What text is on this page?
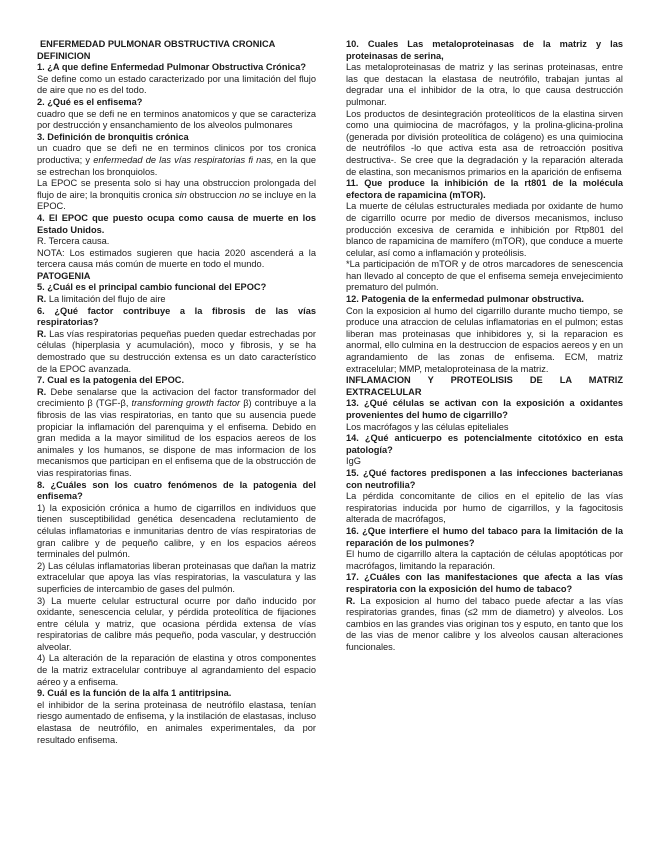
ENFERMEDAD PULMONAR OBSTRUCTIVA CRONICA

DEFINICION

1. ¿A que define Enfermedad Pulmonar Obstructiva Crónica?

Se define como un estado caracterizado por una limitación del flujo de aire que no es del todo.

2. ¿Qué es el enfisema?

cuadro que se defi ne en terminos anatomicos y que se caracteriza por destrucción y ensanchamiento de los alveolos pulmonares

3. Definición de bronquitis crónica

un cuadro que se defi ne en terminos clinicos por tos cronica productiva; y enfermedad de las vías respiratorias fi nas, en la que se estrechan los bronquiolos.

La EPOC se presenta solo si hay una obstruccion prolongada del flujo de aire; la bronquitis cronica sin obstruccion no se incluye en la EPOC.

4. El EPOC que puesto ocupa como causa de muerte en los Estado Unidos.

R. Tercera causa.

NOTA: Los estimados sugieren que hacia 2020 ascenderá a la tercera causa más común de muerte en todo el mundo.

PATOGENIA

5. ¿Cuál es el principal cambio funcional del EPOC?

R. La limitación del flujo de aire

6. ¿Qué factor contribuye a la fibrosis de las vías respiratorias?

R. Las vías respiratorias pequeñas pueden quedar estrechadas por células (hiperplasia y acumulación), moco y fibrosis, y se ha demostrado que su destrucción extensa es un dato característico de la EPOC avanzada.

7. Cual es la patogenia del EPOC.

R. Debe senalarse que la activacion del factor transformador del crecimiento β (TGF-β, transforming growth factor β) contribuye a la fibrosis de las vias respiratorias, en tanto que su ausencia puede propiciar la inflamación del parenquima y el enfisema. Debido en gran medida a la mayor similitud de los espacios aereos de los animales y los humanos, se dispone de mas informacion de los mecanismos que participan en el enfisema que de la obstrucción de vias respiratorias finas.

8. ¿Cuáles son los cuatro fenómenos de la patogenia del enfisema?

1) la exposición crónica a humo de cigarrillos en individuos que tienen susceptibilidad genética desencadena reclutamiento de células inflamatorias e inmunitarias dentro de vías respiratorias de gran calibre y de pequeño calibre, y en los espacios aéreos terminales del pulmón.

2) Las células inflamatorias liberan proteinasas que dañan la matriz extracelular que apoya las vías respiratorias, la vasculatura y las superficies de intercambio de gases del pulmón.

3) La muerte celular estructural ocurre por daño inducido por oxidante, senescencia celular, y pérdida proteolítica de fijaciones entre célula y matriz, que ocasiona pérdida extensa de vías respiratorias de calibre más pequeño, poda vascular, y destrucción alveolar.

4) La alteración de la reparación de elastina y otros componentes de la matriz extracelular contribuye al agrandamiento del espacio aéreo y a enfisema.

9. Cuál es la función de la alfa 1 antitripsina.

el inhibidor de la serina proteinasa de neutrófilo elastasa, tenían riesgo aumentado de enfisema, y la instilación de elastasas, incluso elastasa de neutrófilo, en animales experimentales, da por resultado enfisema.

10. Cuales Las metaloproteinasas de la matriz y las proteinasas de serina,

Las metaloproteinasas de matriz y las serinas proteinasas, entre las que destacan la elastasa de neutrófilo, trabajan juntas al degradar una el inhibidor de la otra, lo que causa destrucción pulmonar.

Los productos de desintegración proteolíticos de la elastina sirven como una quimiocina de macrófagos, y la prolina-glicina-prolina (generada por división proteolítica de colágeno) es una quimiocina de neutrófilos -lo que activa esta asa de retroacción positiva destructiva-. Se cree que la degradación y la reparación alterada de elastina, son mecanismos primarios en la aparición de enfisema

11. Que produce la inhibición de la rt801 de la molécula efectora de rapamicina (mTOR).

La muerte de células estructurales mediada por oxidante de humo de cigarrillo ocurre por medio de diversos mecanismos, incluso producción excesiva de ceramida e inhibición por Rtp801 del blanco de rapamicina de mamífero (mTOR), que conduce a muerte celular, así como a inflamación y proteólisis.

*La participación de mTOR y de otros marcadores de senescencia han llevado al concepto de que el enfisema semeja envejecimiento prematuro del pulmón.

12. Patogenia de la enfermedad pulmonar obstructiva.

Con la exposicion al humo del cigarrillo durante mucho tiempo, se produce una atraccion de celulas inflamatorias en el pulmon; estas liberan mas proteinasas que inhibidores y, si la reparacion es anormal, ello culmina en la destruccion de espacios aereos y en un agrandamiento de las zonas de enfisema. ECM, matriz extracelular; MMP, metaloproteinasa de la matriz.

INFLAMACION Y PROTEOLISIS DE LA MATRIZ EXTRACELULAR

13. ¿Qué células se activan con la exposición a oxidantes provenientes del humo de cigarrillo?

Los macrófagos y las células epiteliales

14. ¿Qué anticuerpo es potencialmente citotóxico en esta patología?

IgG

15. ¿Qué factores predisponen a las infecciones bacterianas con neutrofilia?

La pérdida concomitante de cilios en el epitelio de las vías respiratorias inducida por humo de cigarrillos, y la fagocitosis alterada de macrófagos,

16. ¿Que interfiere el humo del tabaco para la limitación de la reparación de los pulmones?

El humo de cigarrillo altera la captación de células apoptóticas por macrófagos, limitando la reparación.

17. ¿Cuáles con las manifestaciones que afecta a las vías respiratoria con la exposición del humo de tabaco?

R. La exposicion al humo del tabaco puede afectar a las vías respiratorias grandes, finas (≤2 mm de diametro) y alveolos. Los cambios en las grandes vias originan tos y esputo, en tanto que los de las vias de menor calibre y los alveolos causan alteraciones funcionales.
